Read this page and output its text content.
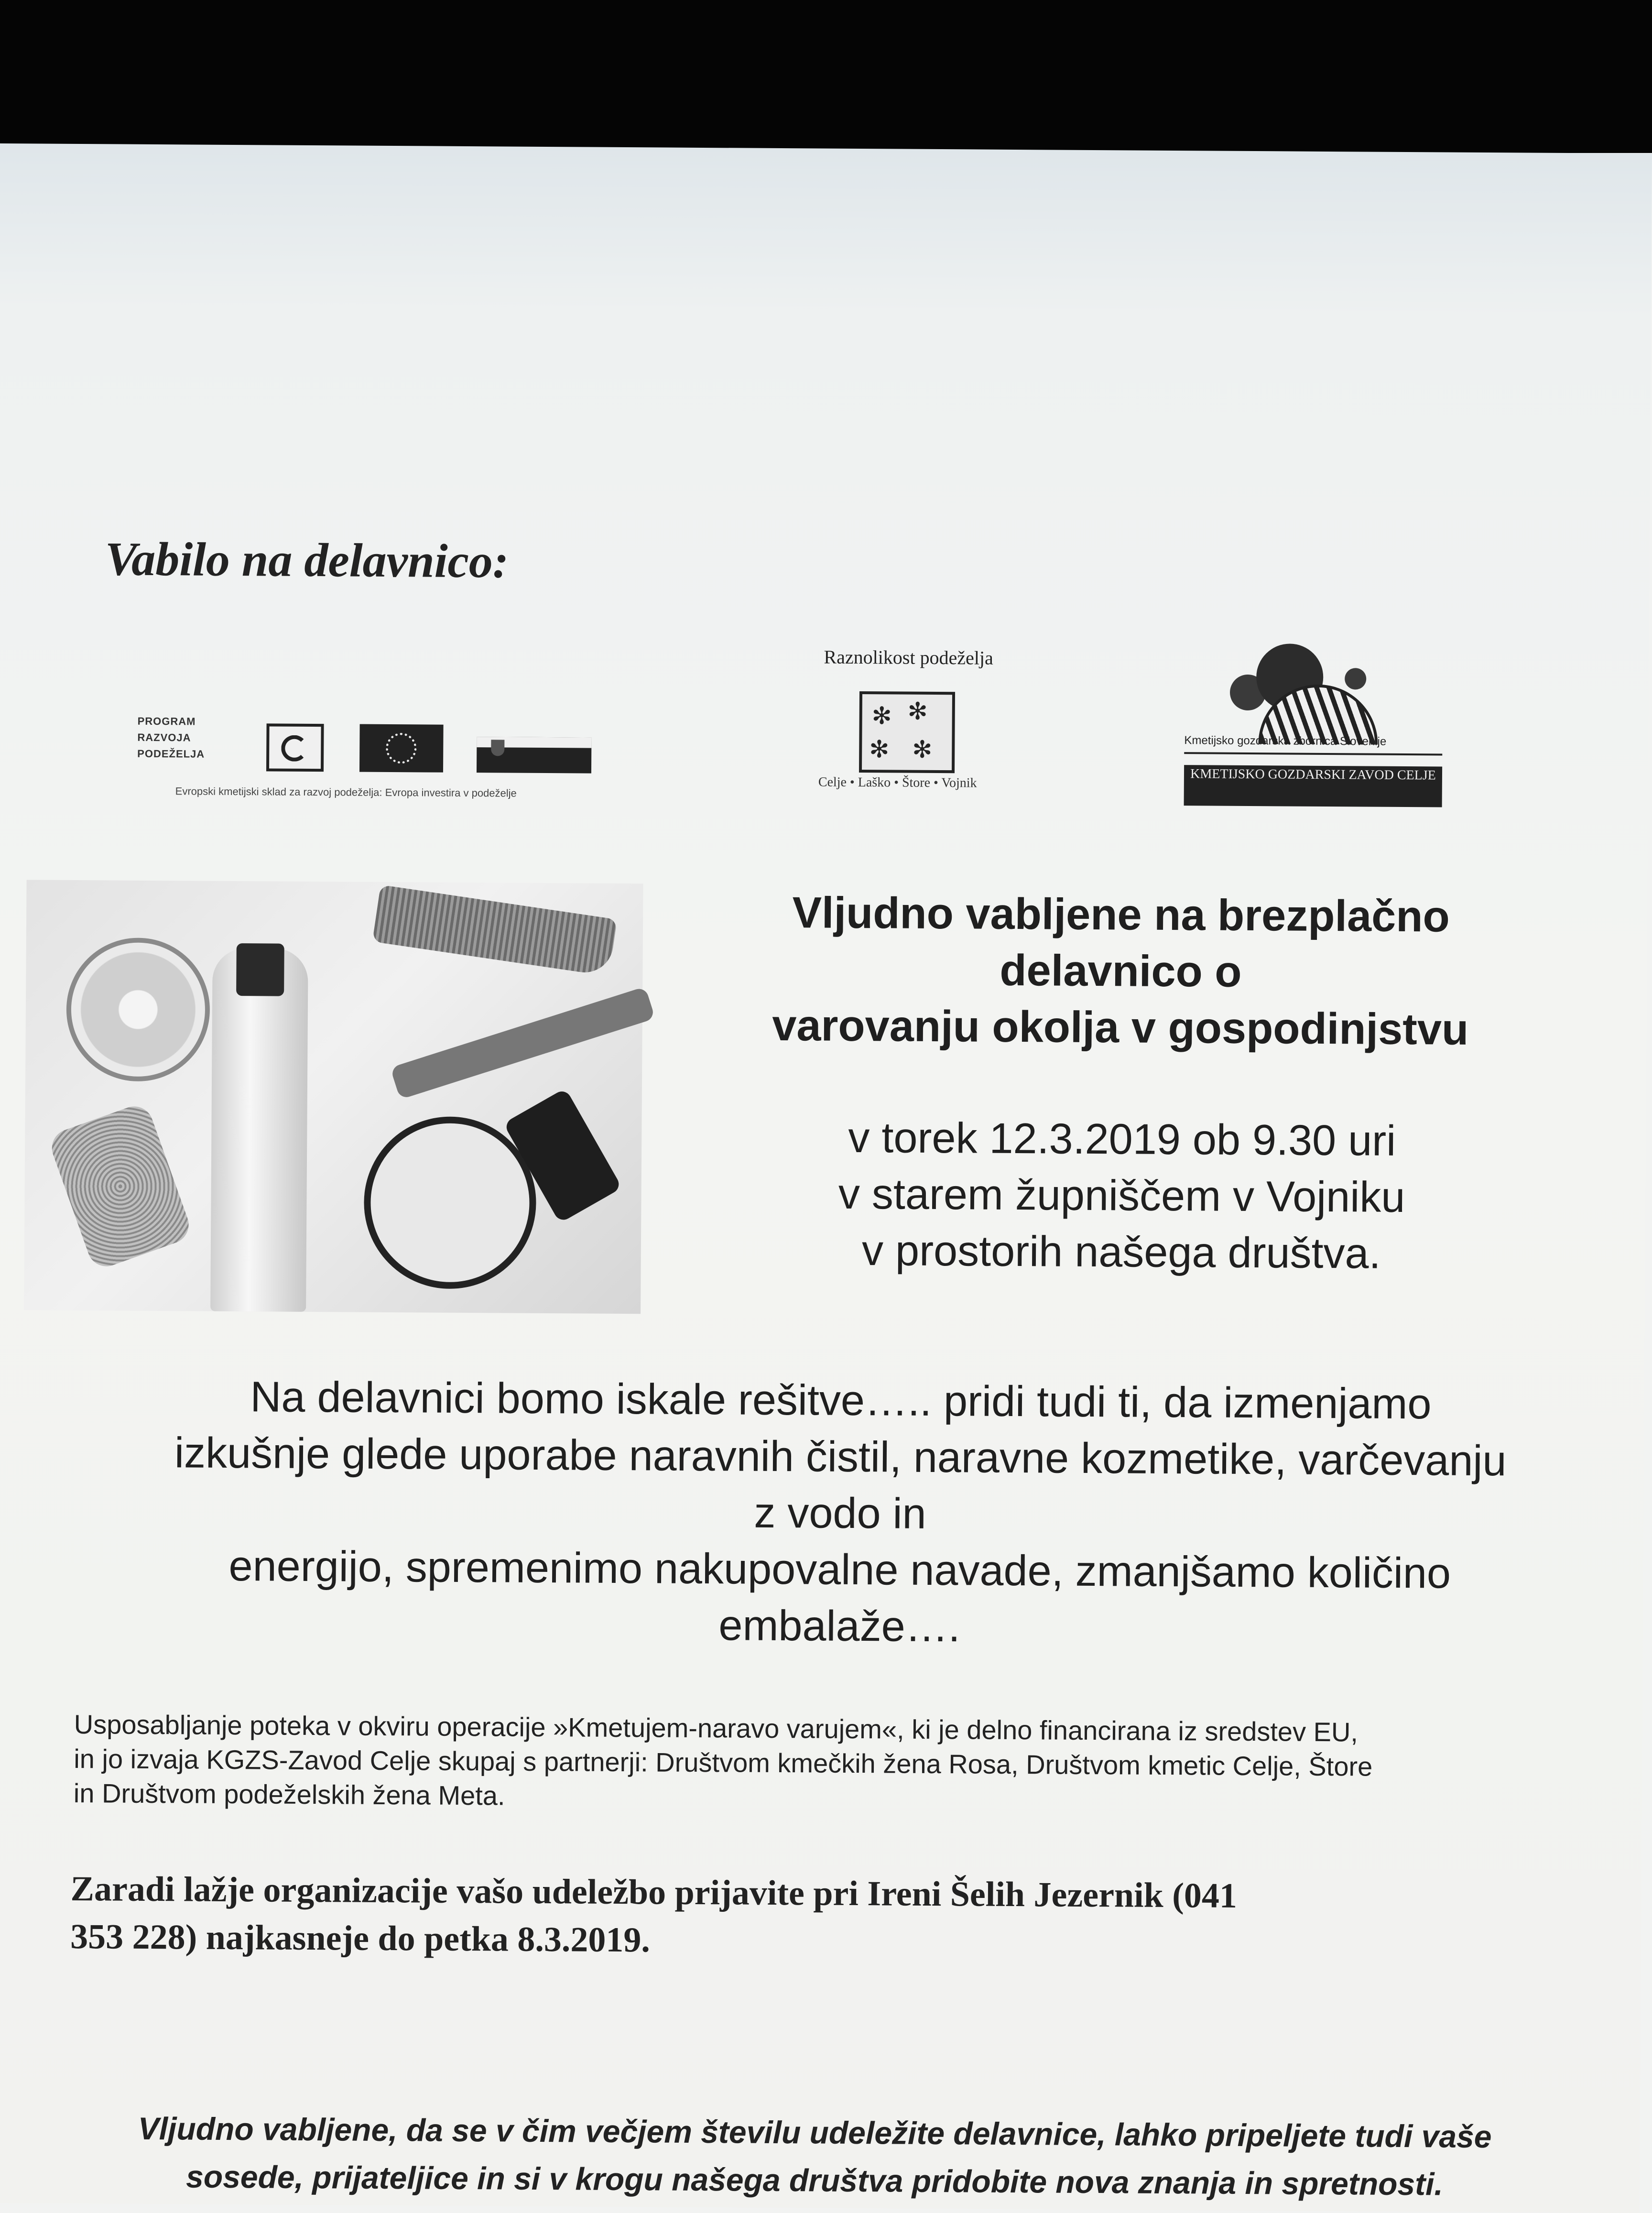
Vabilo na delavnico:
PROGRAM RAZVOJA PODEŽELJA
Evropski kmetijski sklad za razvoj podeželja: Evropa investira v podeželje
Raznolikost podeželja
✻ ✻
✻ ✻
Celje • Laško • Štore • Vojnik
Kmetijsko gozdarska zbornica Slovenije
KMETIJSKO GOZDARSKI ZAVOD CELJE
Vljudno vabljene na brezplačno
delavnico o
varovanju okolja v gospodinjstvu
v torek 12.3.2019 ob 9.30 uri
v starem župniščem v Vojniku
v prostorih našega društva.
Na delavnici bomo iskale rešitve….. pridi tudi ti, da izmenjamo
izkušnje glede uporabe naravnih čistil, naravne kozmetike, varčevanju
z vodo in
energijo, spremenimo nakupovalne navade, zmanjšamo količino
embalaže….
Usposabljanje poteka v okviru operacije »Kmetujem-naravo varujem«, ki je delno financirana iz sredstev EU,
in jo izvaja KGZS-Zavod Celje skupaj s partnerji: Društvom kmečkih žena Rosa, Društvom kmetic Celje, Štore
in Društvom podeželskih žena Meta.
Zaradi lažje organizacije vašo udeležbo prijavite pri Ireni Šelih Jezernik (041
353 228) najkasneje do petka 8.3.2019.
Vljudno vabljene, da se v čim večjem številu udeležite delavnice, lahko pripeljete tudi vaše
sosede, prijateljice in si v krogu našega društva pridobite nova znanja in spretnosti.
